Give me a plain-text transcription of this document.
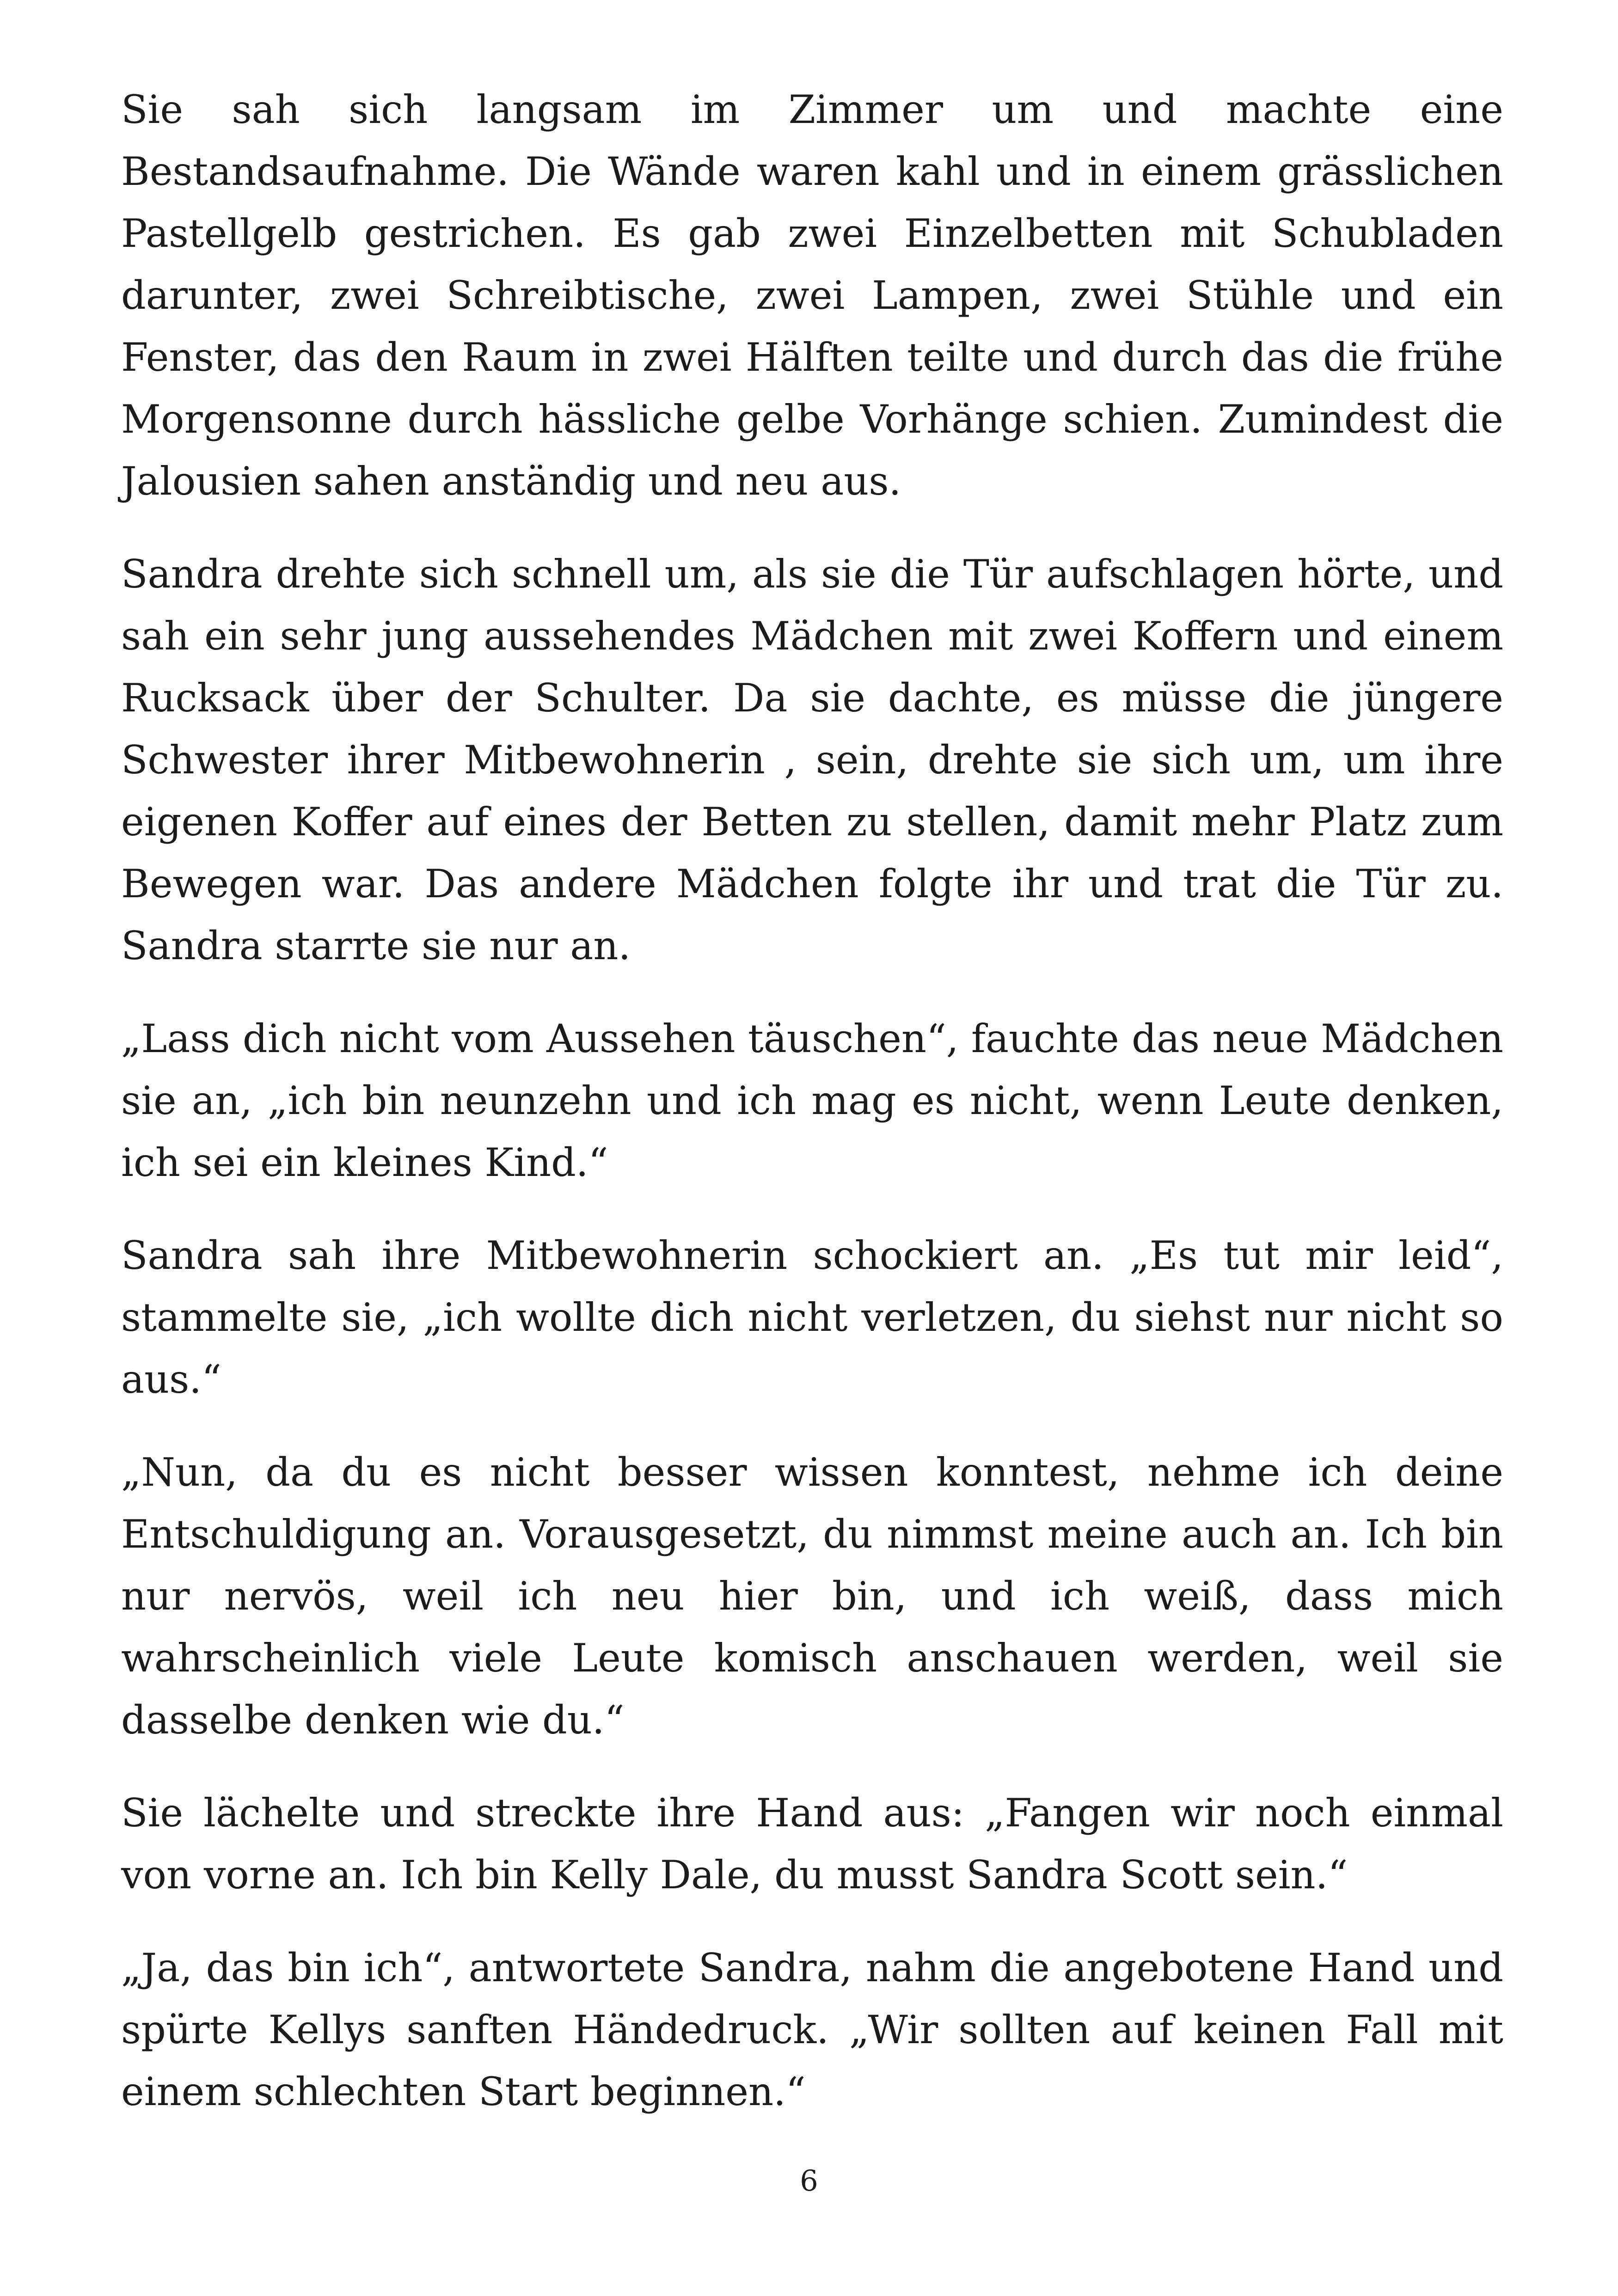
Sie sah sich langsam im Zimmer um und machte eine Bestandsaufnahme. Die Wände waren kahl und in einem grässlichen Pastellgelb gestrichen. Es gab zwei Einzelbetten mit Schubladen darunter, zwei Schreibtische, zwei Lampen, zwei Stühle und ein Fenster, das den Raum in zwei Hälften teilte und durch das die frühe Morgensonne durch hässliche gelbe Vorhänge schien. Zumindest die Jalousien sahen anständig und neu aus.

Sandra drehte sich schnell um, als sie die Tür aufschlagen hörte, und sah ein sehr jung aussehendes Mädchen mit zwei Koffern und einem Rucksack über der Schulter. Da sie dachte, es müsse die jüngere Schwester ihrer Mitbewohnerin , sein, drehte sie sich um, um ihre eigenen Koffer auf eines der Betten zu stellen, damit mehr Platz zum Bewegen war. Das andere Mädchen folgte ihr und trat die Tür zu. Sandra starrte sie nur an.

„Lass dich nicht vom Aussehen täuschen“, fauchte das neue Mädchen sie an, „ich bin neunzehn und ich mag es nicht, wenn Leute denken, ich sei ein kleines Kind.“

Sandra sah ihre Mitbewohnerin schockiert an. „Es tut mir leid“, stammelte sie, „ich wollte dich nicht verletzen, du siehst nur nicht so aus.“

„Nun, da du es nicht besser wissen konntest, nehme ich deine Entschuldigung an. Vorausgesetzt, du nimmst meine auch an. Ich bin nur nervös, weil ich neu hier bin, und ich weiß, dass mich wahrscheinlich viele Leute komisch anschauen werden, weil sie dasselbe denken wie du.“

Sie lächelte und streckte ihre Hand aus: „Fangen wir noch einmal von vorne an. Ich bin Kelly Dale, du musst Sandra Scott sein.“

„Ja, das bin ich“, antwortete Sandra, nahm die angebotene Hand und spürte Kellys sanften Händedruck. „Wir sollten auf keinen Fall mit einem schlechten Start beginnen.“

6
